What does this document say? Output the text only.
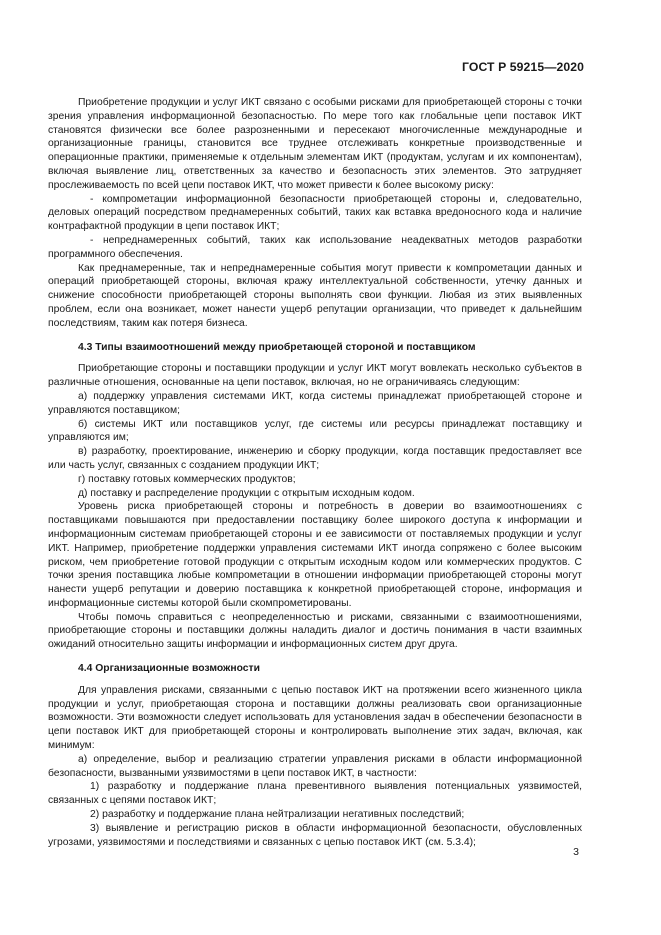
ГОСТ Р 59215—2020

Приобретение продукции и услуг ИКТ связано с особыми рисками для приобретающей стороны с точки зрения управления информационной безопасностью. По мере того как глобальные цепи поставок ИКТ становятся физически все более разрозненными и пересекают многочисленные международные и организационные границы, становится все труднее отслеживать конкретные производственные и операционные практики, применяемые к отдельным элементам ИКТ (продуктам, услугам и их компонентам), включая выявление лиц, ответственных за качество и безопасность этих элементов. Это затрудняет прослеживаемость по всей цепи поставок ИКТ, что может привести к более высокому риску:

- компрометации информационной безопасности приобретающей стороны и, следовательно, деловых операций посредством преднамеренных событий, таких как вставка вредоносного кода и наличие контрафактной продукции в цепи поставок ИКТ;

- непреднамеренных событий, таких как использование неадекватных методов разработки программного обеспечения.

Как преднамеренные, так и непреднамеренные события могут привести к компрометации данных и операций приобретающей стороны, включая кражу интеллектуальной собственности, утечку данных и снижение способности приобретающей стороны выполнять свои функции. Любая из этих выявленных проблем, если она возникает, может нанести ущерб репутации организации, что приведет к дальнейшим последствиям, таким как потеря бизнеса.

4.3 Типы взаимоотношений между приобретающей стороной и поставщиком

Приобретающие стороны и поставщики продукции и услуг ИКТ могут вовлекать несколько субъектов в различные отношения, основанные на цепи поставок, включая, но не ограничиваясь следующим:

а) поддержку управления системами ИКТ, когда системы принадлежат приобретающей стороне и управляются поставщиком;

б) системы ИКТ или поставщиков услуг, где системы или ресурсы принадлежат поставщику и управляются им;

в) разработку, проектирование, инженерию и сборку продукции, когда поставщик предоставляет все или часть услуг, связанных с созданием продукции ИКТ;

г) поставку готовых коммерческих продуктов;

д) поставку и распределение продукции с открытым исходным кодом.

Уровень риска приобретающей стороны и потребность в доверии во взаимоотношениях с поставщиками повышаются при предоставлении поставщику более широкого доступа к информации и информационным системам приобретающей стороны и ее зависимости от поставляемых продукции и услуг ИКТ. Например, приобретение поддержки управления системами ИКТ иногда сопряжено с более высоким риском, чем приобретение готовой продукции с открытым исходным кодом или коммерческих продуктов. С точки зрения поставщика любые компрометации в отношении информации приобретающей стороны могут нанести ущерб репутации и доверию поставщика к конкретной приобретающей стороне, информация и информационные системы которой были скомпрометированы.

Чтобы помочь справиться с неопределенностью и рисками, связанными с взаимоотношениями, приобретающие стороны и поставщики должны наладить диалог и достичь понимания в части взаимных ожиданий относительно защиты информации и информационных систем друг друга.

4.4 Организационные возможности

Для управления рисками, связанными с цепью поставок ИКТ на протяжении всего жизненного цикла продукции и услуг, приобретающая сторона и поставщики должны реализовать свои организационные возможности. Эти возможности следует использовать для установления задач в обеспечении безопасности в цепи поставок ИКТ для приобретающей стороны и контролировать выполнение этих задач, включая, как минимум:

а) определение, выбор и реализацию стратегии управления рисками в области информационной безопасности, вызванными уязвимостями в цепи поставок ИКТ, в частности:

1) разработку и поддержание плана превентивного выявления потенциальных уязвимостей, связанных с цепями поставок ИКТ;

2) разработку и поддержание плана нейтрализации негативных последствий;

3) выявление и регистрацию рисков в области информационной безопасности, обусловленных угрозами, уязвимостями и последствиями и связанных с цепью поставок ИКТ (см. 5.3.4);

3
